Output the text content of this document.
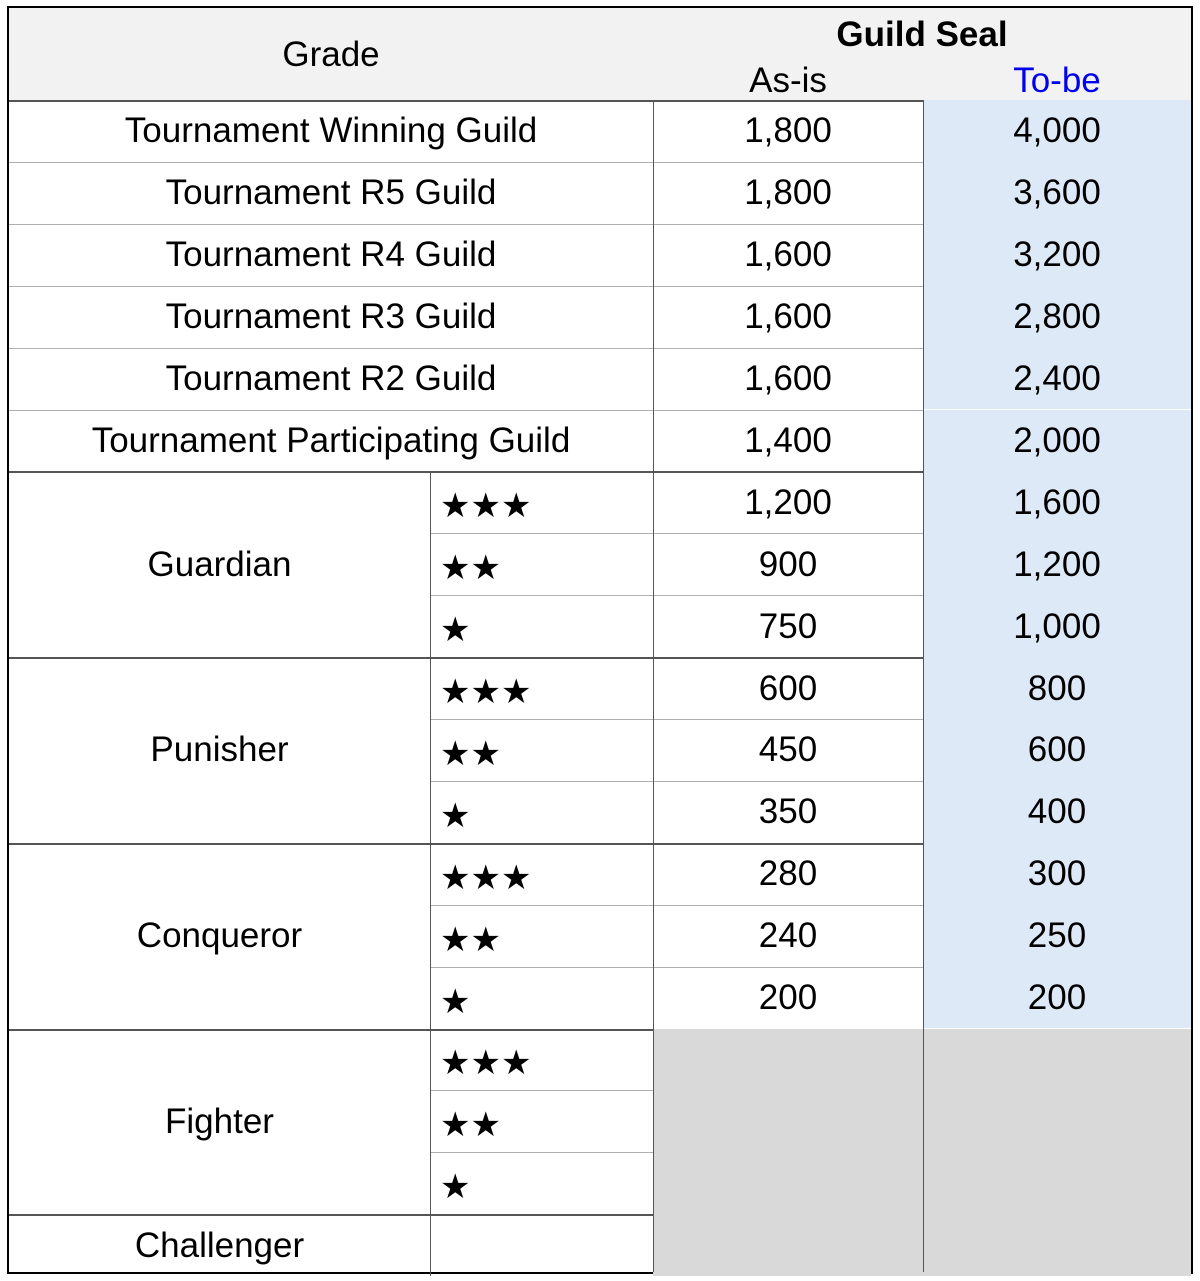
Grade
Guild Seal
As-is	To-be
Tournament Winning Guild	1,800	4,000
Tournament R5 Guild	1,800	3,600
Tournament R4 Guild	1,600	3,200
Tournament R3 Guild	1,600	2,800
Tournament R2 Guild	1,600	2,400
Tournament Participating Guild	1,400	2,000
Guardian
★★★	1,200	1,600
★★	900	1,200
★	750	1,000
Punisher
★★★	600	800
★★	450	600
★	350	400
Conqueror
★★★	280	300
★★	240	250
★	200	200
Fighter
★★★
★★
★
Challenger
